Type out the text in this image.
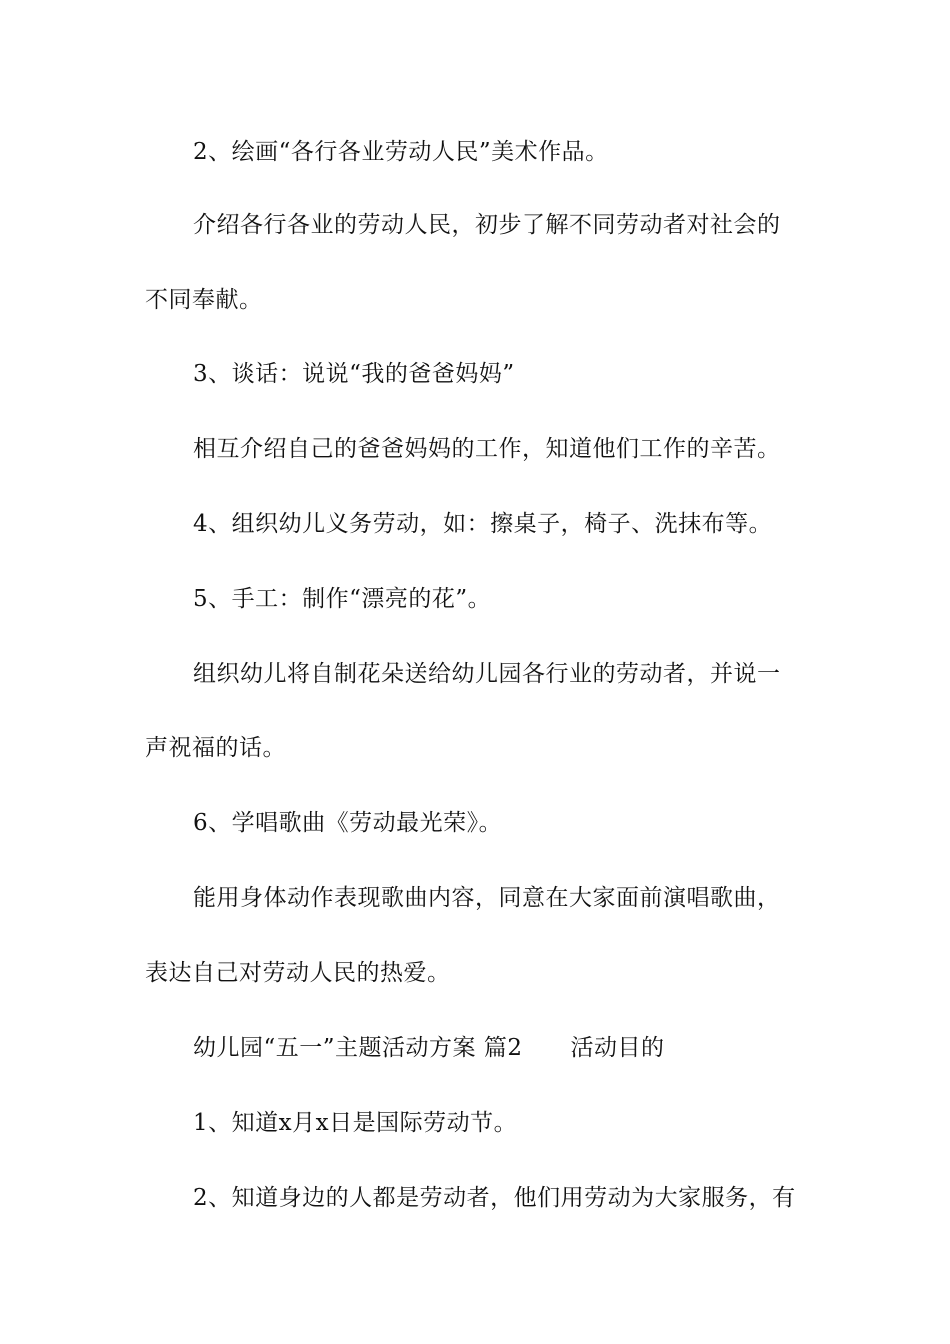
2、绘画“各行各业劳动人民”美术作品。
介绍各行各业的劳动人民，初步了解不同劳动者对社会的
不同奉献。
3、谈话：说说“我的爸爸妈妈”
相互介绍自己的爸爸妈妈的工作，知道他们工作的辛苦。
4、组织幼儿义务劳动，如：擦桌子，椅子、洗抹布等。
5、手工：制作“漂亮的花”。
组织幼儿将自制花朵送给幼儿园各行业的劳动者，并说一
声祝福的话。
6、学唱歌曲《劳动最光荣》。
能用身体动作表现歌曲内容，同意在大家面前演唱歌曲，
表达自己对劳动人民的热爱。
幼儿园“五一”主题活动方案 篇2 活动目的
1、知道x月x日是国际劳动节。
2、知道身边的人都是劳动者，他们用劳动为大家服务，有
